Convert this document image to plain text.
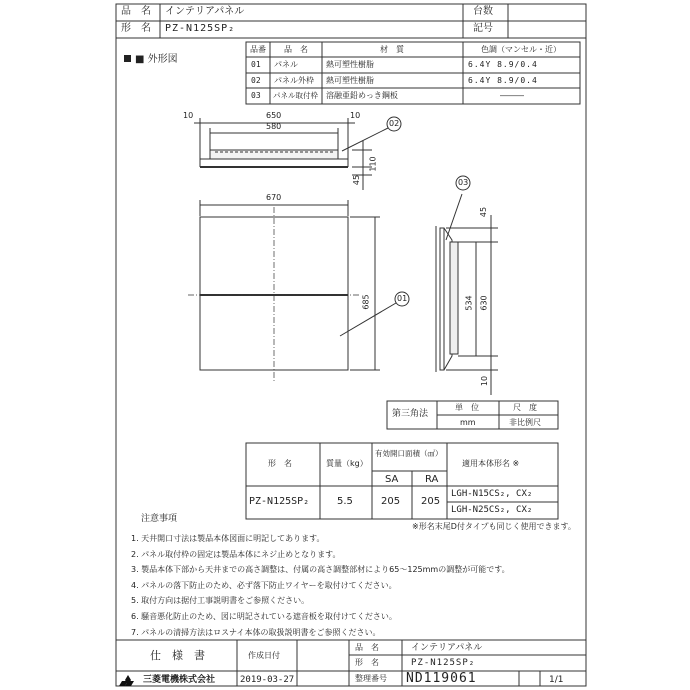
品　名 インテリアパネル
形　名 PZ-N125SP₂
台数
記号
■ 外形図
品番 品　名	材　質	色調（マンセル・近）
01 パネル	熱可塑性樹脂	6.4Y 8.9/0.4
02 パネル外枠 熱可塑性樹脂	6.4Y 8.9/0.4
03 パネル取付枠 溶融亜鉛めっき鋼板	―――
10	650
580
10
110
45
02
670
685	01
03
45
534 630
10
第三角法
単　位
mm
尺　度
非比例尺
形　名	質量（kg）
有効開口面積（㎠）
SA	RA
適用本体形名 ※
PZ-N125SP₂	5.5	205 205
LGH-N15CS₂, CX₂
LGH-N25CS₂, CX₂
※形名末尾D付タイプも同じく使用できます。
注意事項
1. 天井開口寸法は製品本体図面に明記してあります。
2. パネル取付枠の固定は製品本体にネジ止めとなります。
3. 製品本体下部から天井までの高さ調整は、付属の高さ調整部材により65～125mmの調整が可能です。
4. パネルの落下防止のため、必ず落下防止ワイヤーを取付けてください。
5. 取付方向は据付工事説明書をご参照ください。
6. 騒音悪化防止のため、図に明記されている遮音板を取付けてください。
7. パネルの清掃方法はロスナイ本体の取扱説明書をご参照ください。
仕　様　書	作成日付
2019-03-27
品　名	インテリアパネル
形　名	PZ-N125SP₂
整理番号 ND119061	1/1
三菱電機株式会社
